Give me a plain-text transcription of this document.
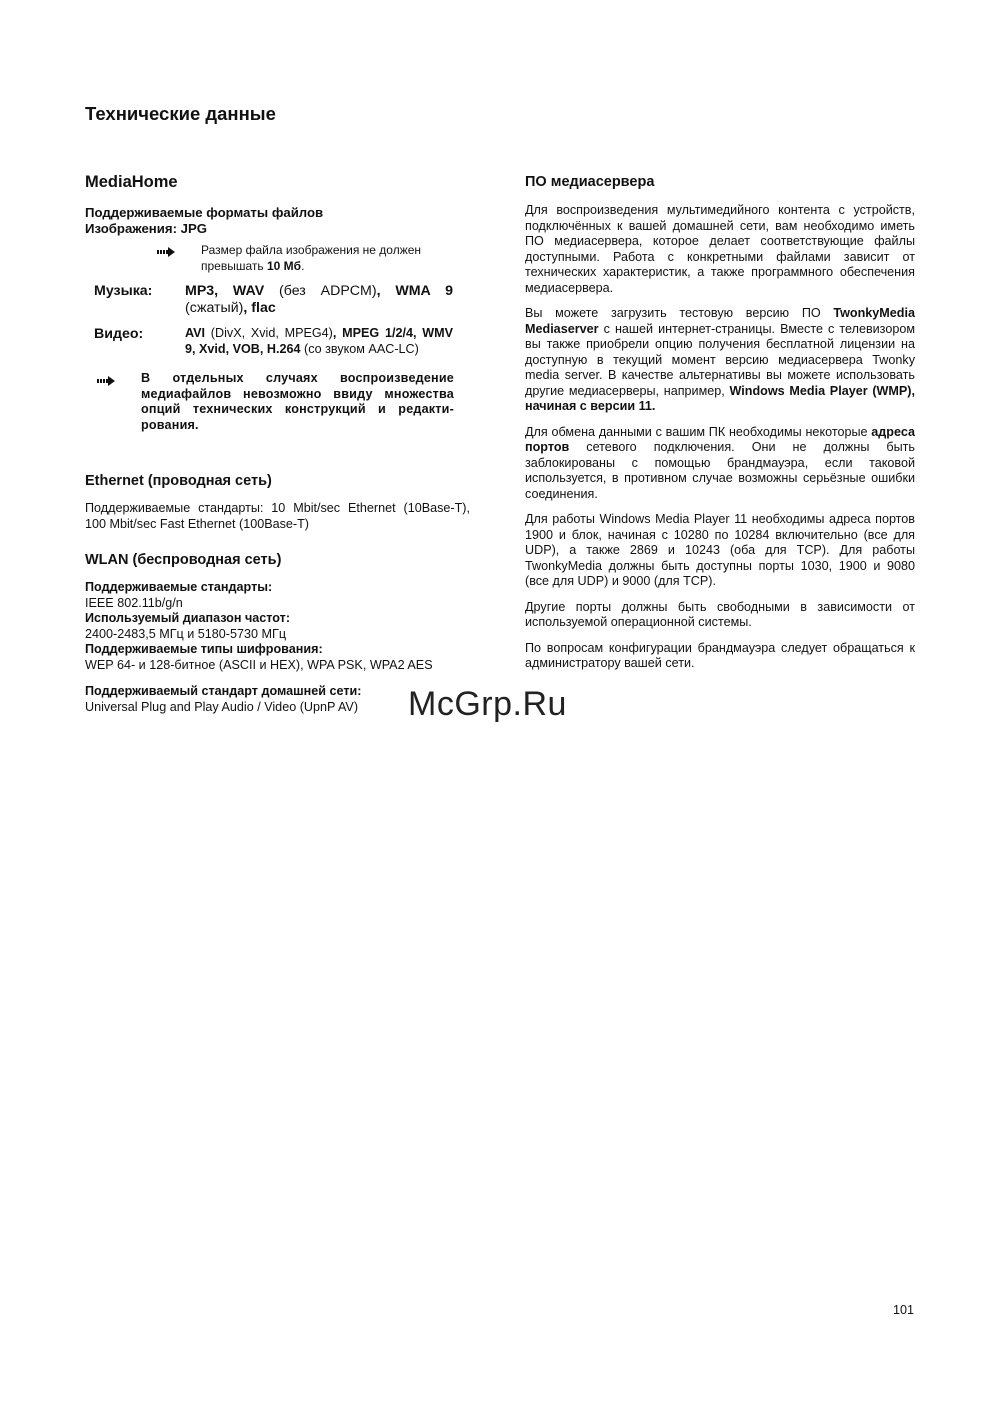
Технические данные
MediaHome
Поддерживаемые форматы файлов
Изображения: JPG
Размер файла изображения не должен превышать 10 Мб.
Музыка:	MP3, WAV (без ADPCM), WMA 9 (сжатый), flac
Видео:	AVI (DivX, Xvid, MPEG4), MPEG 1/2/4, WMV 9, Xvid, VOB, H.264 (со звуком AAC-LC)
В отдельных случаях воспроизведение медиафайлов невозможно ввиду множества опций технических конструкций и редакти-рования.
Ethernet (проводная сеть)

Поддерживаемые стандарты: 10 Mbit/sec Ethernet (10Base-T), 100 Mbit/sec Fast Ethernet (100Base-T)

WLAN (беспроводная сеть)
Поддерживаемые стандарты:
IEEE 802.11b/g/n
Используемый диапазон частот:
2400-2483,5 МГц и 5180-5730 МГц
Поддерживаемые типы шифрования:
WEP 64- и 128-битное (ASCII и HEX), WPA PSK, WPA2 AES
Поддерживаемый стандарт домашней сети:
Universal Plug and Play Audio / Video (UpnP AV)
ПО медиасервера

Для воспроизведения мультимедийного контента с устройств, подключённых к вашей домашней сети, вам необходимо иметь ПО медиасервера, которое делает соответствующие файлы доступными. Работа с конкретными файлами зависит от технических характеристик, а также программного обеспечения медиасервера.

Вы можете загрузить тестовую версию ПО TwonkyMedia Mediaserver с нашей интернет-страницы. Вместе с телевизором вы также приобрели опцию получения бесплатной лицензии на доступную в текущий момент версию медиасервера Twonky media server. В качестве альтернативы вы можете использовать другие медиасерверы, например, Windows Media Player (WMP), начиная с версии 11.

Для обмена данными с вашим ПК необходимы некоторые адреса портов сетевого подключения. Они не должны быть заблокированы с помощью брандмауэра, если таковой используется, в противном случае возможны серьёзные ошибки соединения.

Для работы Windows Media Player 11 необходимы адреса портов 1900 и блок, начиная с 10280 по 10284 включительно (все для UDP), а также 2869 и 10243 (оба для TCP). Для работы TwonkyMedia должны быть доступны порты 1030, 1900 и 9080 (все для UDP) и 9000 (для TCP).

Другие порты должны быть свободными в зависимости от используемой операционной системы.

По вопросам конфигурации брандмауэра следует обращаться к администратору вашей сети.

McGrp.Ru
101
